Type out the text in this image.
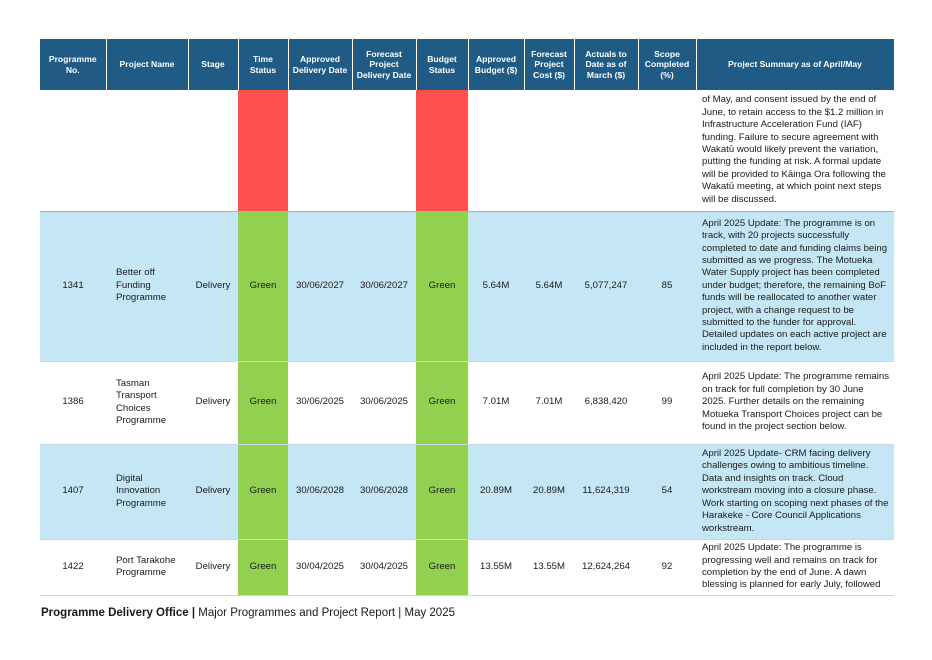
Programme No.	Project Name	Stage	Time Status	Approved Delivery Date	Forecast Project Delivery Date	Budget Status	Approved Budget ($)	Forecast Project Cost ($)	Actuals to Date as of March ($)	Scope Completed (%)	Project Summary as of April/May
											of May, and consent issued by the end of June, to retain access to the $1.2 million in Infrastructure Acceleration Fund (IAF) funding. Failure to secure agreement with Wakatū would likely prevent the variation, putting the funding at risk. A formal update will be provided to Kāinga Ora following the Wakatū meeting, at which point next steps will be discussed.
1341	Better off Funding Programme	Delivery	Green	30/06/2027	30/06/2027	Green	5.64M	5.64M	5,077,247	85	April 2025 Update: The programme is on track, with 20 projects successfully completed to date and funding claims being submitted as we progress. The Motueka Water Supply project has been completed under budget; therefore, the remaining BoF funds will be reallocated to another water project, with a change request to be submitted to the funder for approval. Detailed updates on each active project are included in the report below.
1386	Tasman Transport Choices Programme	Delivery	Green	30/06/2025	30/06/2025	Green	7.01M	7.01M	6,838,420	99	April 2025 Update: The programme remains on track for full completion by 30 June 2025. Further details on the remaining Motueka Transport Choices project can be found in the project section below.
1407	Digital Innovation Programme	Delivery	Green	30/06/2028	30/06/2028	Green	20.89M	20.89M	11,624,319	54	April 2025 Update- CRM facing delivery challenges owing to ambitious timeline. Data and insights on track. Cloud workstream moving into a closure phase. Work starting on scoping next phases of the Harakeke - Core Council Applications workstream.
1422	Port Tarakohe Programme	Delivery	Green	30/04/2025	30/04/2025	Green	13.55M	13.55M	12,624,264	92	April 2025 Update: The programme is progressing well and remains on track for completion by the end of June. A dawn blessing is planned for early July, followed
Programme Delivery Office | Major Programmes and Project Report | May 2025
